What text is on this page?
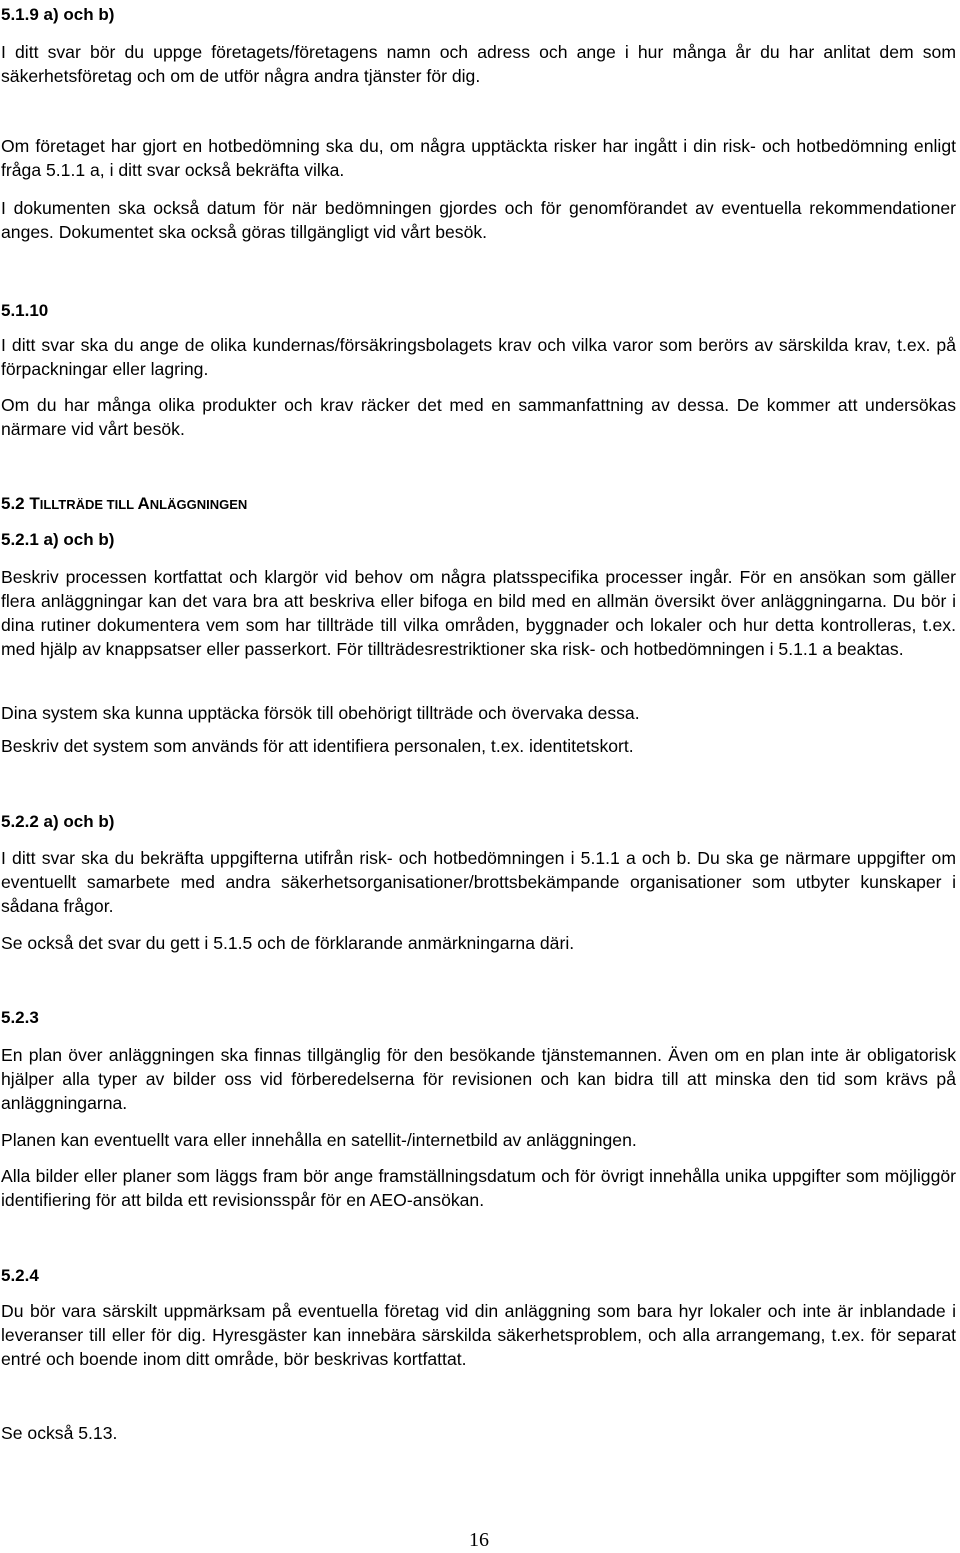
5.1.9 a) och b)

I ditt svar bör du uppge företagets/företagens namn och adress och ange i hur många år du har anlitat dem som säkerhetsföretag och om de utför några andra tjänster för dig.

Om företaget har gjort en hotbedömning ska du, om några upptäckta risker har ingått i din risk- och hotbedömning enligt fråga 5.1.1 a, i ditt svar också bekräfta vilka.

I dokumenten ska också datum för när bedömningen gjordes och för genomförandet av eventuella rekommendationer anges. Dokumentet ska också göras tillgängligt vid vårt besök.

5.1.10

I ditt svar ska du ange de olika kundernas/försäkringsbolagets krav och vilka varor som berörs av särskilda krav, t.ex. på förpackningar eller lagring.

Om du har många olika produkter och krav räcker det med en sammanfattning av dessa. De kommer att undersökas närmare vid vårt besök.

5.2 TILLTRÄDE TILL ANLÄGGNINGEN
5.2.1 a) och b)

Beskriv processen kortfattat och klargör vid behov om några platsspecifika processer ingår. För en ansökan som gäller flera anläggningar kan det vara bra att beskriva eller bifoga en bild med en allmän översikt över anläggningarna. Du bör i dina rutiner dokumentera vem som har tillträde till vilka områden, byggnader och lokaler och hur detta kontrolleras, t.ex. med hjälp av knappsatser eller passerkort. För tillträdesrestriktioner ska risk- och hotbedömningen i 5.1.1 a beaktas.

Dina system ska kunna upptäcka försök till obehörigt tillträde och övervaka dessa.

Beskriv det system som används för att identifiera personalen, t.ex. identitetskort.

5.2.2 a) och b)

I ditt svar ska du bekräfta uppgifterna utifrån risk- och hotbedömningen i 5.1.1 a och b. Du ska ge närmare uppgifter om eventuellt samarbete med andra säkerhetsorganisationer/brottsbekämpande organisationer som utbyter kunskaper i sådana frågor.

Se också det svar du gett i 5.1.5 och de förklarande anmärkningarna däri.

5.2.3

En plan över anläggningen ska finnas tillgänglig för den besökande tjänstemannen. Även om en plan inte är obligatorisk hjälper alla typer av bilder oss vid förberedelserna för revisionen och kan bidra till att minska den tid som krävs på anläggningarna.

Planen kan eventuellt vara eller innehålla en satellit-/internetbild av anläggningen.

Alla bilder eller planer som läggs fram bör ange framställningsdatum och för övrigt innehålla unika uppgifter som möjliggör identifiering för att bilda ett revisionsspår för en AEO-ansökan.

5.2.4

Du bör vara särskilt uppmärksam på eventuella företag vid din anläggning som bara hyr lokaler och inte är inblandade i leveranser till eller för dig. Hyresgäster kan innebära särskilda säkerhetsproblem, och alla arrangemang, t.ex. för separat entré och boende inom ditt område, bör beskrivas kortfattat.

Se också 5.13.

16
